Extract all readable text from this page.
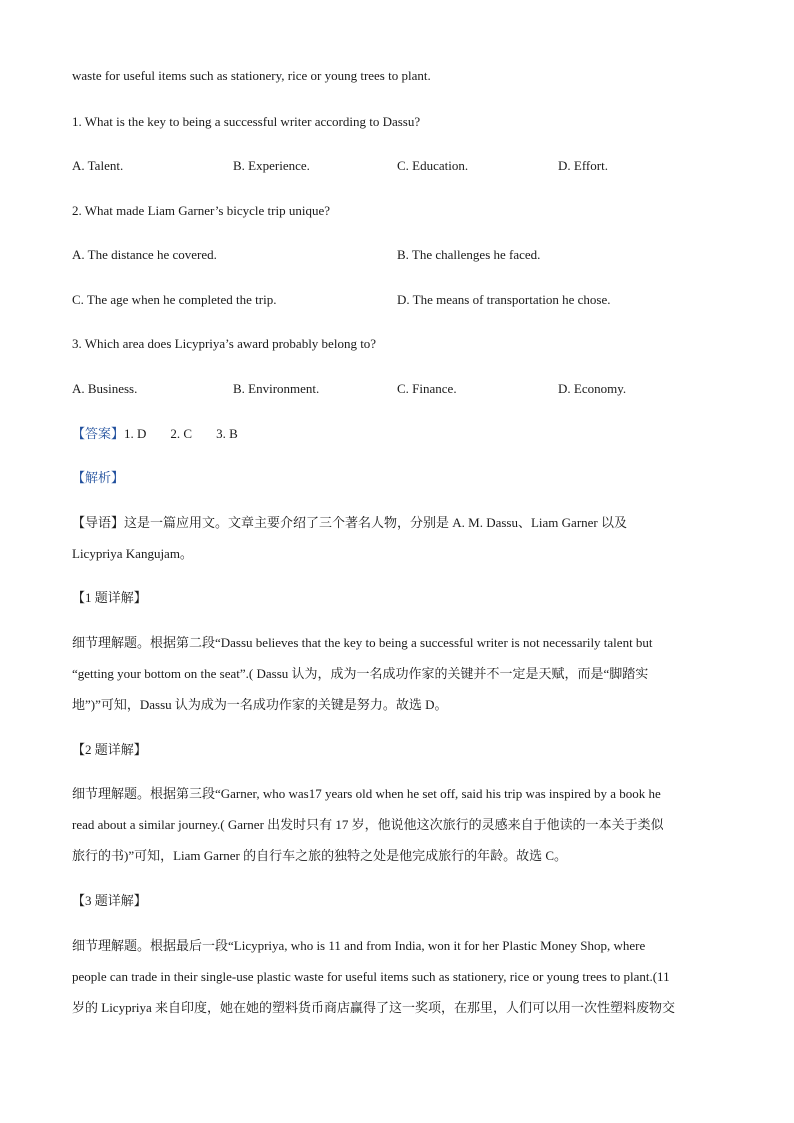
waste for useful items such as stationery, rice or young trees to plant.
1. What is the key to being a successful writer according to Dassu?
A. Talent.	B. Experience.	C. Education.	D. Effort.
2. What made Liam Garner’s bicycle trip unique?
A. The distance he covered.	B. The challenges he faced.
C. The age when he completed the trip.	D. The means of transportation he chose.
3. Which area does Licypriya’s award probably belong to?
A. Business.	B. Environment.	C. Finance.	D. Economy.
【答案】1. D 2. C 3. B
【解析】
【导语】这是一篇应用文。文章主要介绍了三个著名人物，分别是 A. M. Dassu、Liam Garner 以及
Licypriya Kangujam。
【1 题详解】
细节理解题。根据第二段“Dassu believes that the key to being a successful writer is not necessarily talent but
“getting your bottom on the seat”.( Dassu 认为，成为一名成功作家的关键并不一定是天赋，而是“脚踏实
地”)”可知，Dassu 认为成为一名成功作家的关键是努力。故选 D。
【2 题详解】
细节理解题。根据第三段“Garner, who was17 years old when he set off, said his trip was inspired by a book he
read about a similar journey.( Garner 出发时只有 17 岁，他说他这次旅行的灵感来自于他读的一本关于类似
旅行的书)”可知，Liam Garner 的自行车之旅的独特之处是他完成旅行的年龄。故选 C。
【3 题详解】
细节理解题。根据最后一段“Licypriya, who is 11 and from India, won it for her Plastic Money Shop, where
people can trade in their single-use plastic waste for useful items such as stationery, rice or young trees to plant.(11
岁的 Licypriya 来自印度，她在她的塑料货币商店赢得了这一奖项，在那里，人们可以用一次性塑料废物交
